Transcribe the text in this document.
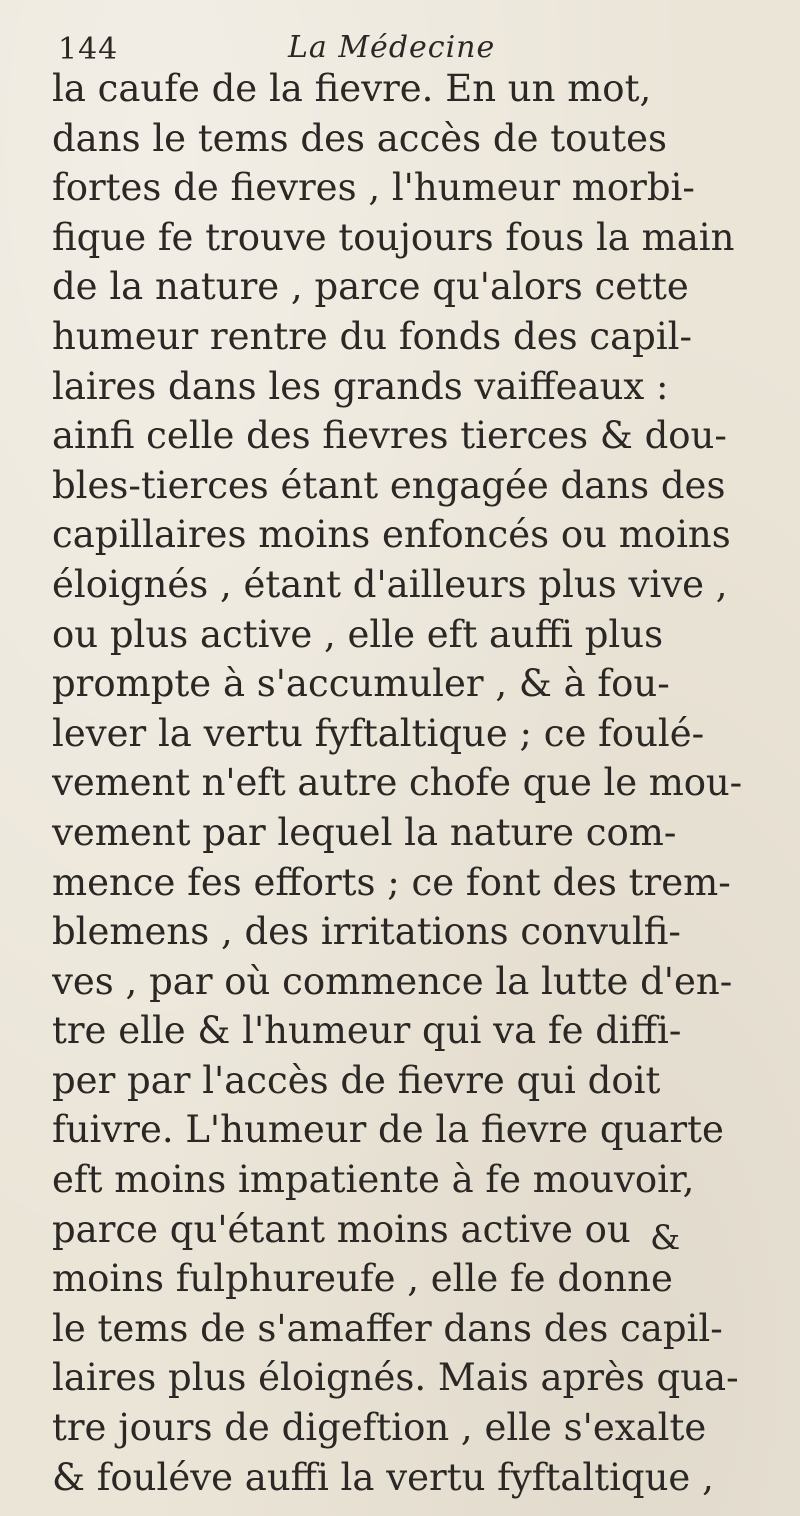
144	La Médecine
la caufe de la fievre. En un mot,
dans le tems des accès de toutes
fortes de fievres , l'humeur morbi-
fique fe trouve toujours fous la main
de la nature , parce qu'alors cette
humeur rentre du fonds des capil-
laires dans les grands vaiffeaux :
ainfi celle des fievres tierces & dou-
bles-tierces étant engagée dans des
capillaires moins enfoncés ou moins
éloignés , étant d'ailleurs plus vive ,
ou plus active , elle eft auffi plus
prompte à s'accumuler , & à fou-
lever la vertu fyftaltique ; ce foulé-
vement n'eft autre chofe que le mou-
vement par lequel la nature com-
mence fes efforts ; ce font des trem-
blemens , des irritations convulfi-
ves , par où commence la lutte d'en-
tre elle & l'humeur qui va fe diffi-
per par l'accès de fievre qui doit
fuivre. L'humeur de la fievre quarte
eft moins impatiente à fe mouvoir,
parce qu'étant moins active ou
moins fulphureufe , elle fe donne
le tems de s'amaffer dans des capil-
laires plus éloignés. Mais après qua-
tre jours de digeftion , elle s'exalte
& fouléve auffi la vertu fyftaltique ,
&
